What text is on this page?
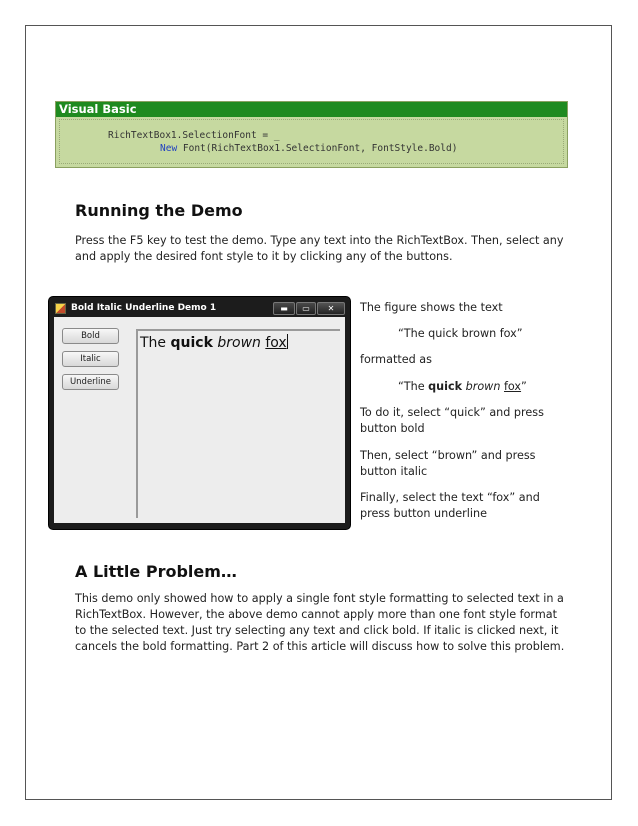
Visual Basic
RichTextBox1.SelectionFont = _
New Font(RichTextBox1.SelectionFont, FontStyle.Bold)
Running the Demo
Press the F5 key to test the demo. Type any text into the RichTextBox. Then, select any and apply the desired font style to it by clicking any of the buttons.
Bold Italic Underline Demo 1	▬	▭	✕
Bold
Italic
Underline
The quick brown fox
The figure shows the text
“The quick brown fox”
formatted as
“The quick brown fox”
To do it, select “quick” and press
button bold
Then, select “brown” and press
button italic
Finally, select the text “fox” and
press button underline
A Little Problem…
This demo only showed how to apply a single font style formatting to selected text in a RichTextBox. However, the above demo cannot apply more than one font style format to the selected text. Just try selecting any text and click bold. If italic is clicked next, it cancels the bold formatting. Part 2 of this article will discuss how to solve this problem.
